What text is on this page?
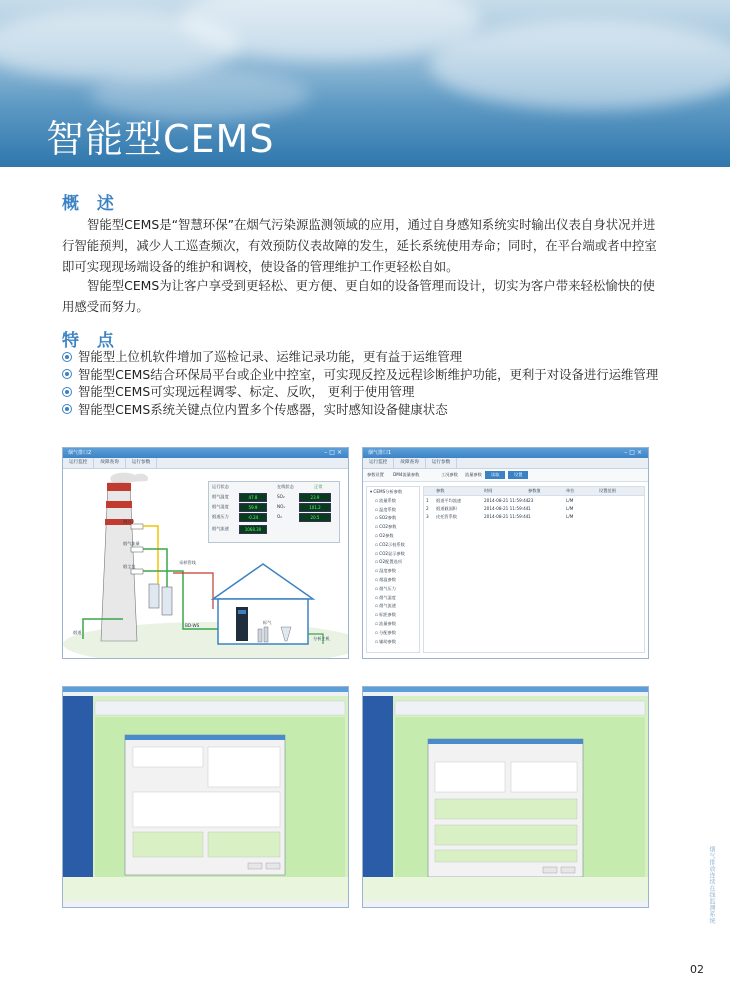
智能型CEMS
概 述

智能型CEMS是“智慧环保”在烟气污染源监测领域的应用，通过自身感知系统实时输出仪表自身状况并进行智能预判，减少人工巡查频次，有效预防仪表故障的发生，延长系统使用寿命；同时，在平台端或者中控室即可实现现场端设备的维护和调校，使设备的管理维护工作更轻松自如。

智能型CEMS为让客户享受到更轻松、更方便、更自如的设备管理而设计，切实为客户带来轻松愉快的使用感受而努力。

特 点
智能型上位机软件增加了巡检记录、运维记录功能，更有益于运维管理
智能型CEMS结合环保局平台或企业中控室，可实现反控及远程诊断维护功能，更利于对设备进行运维管理
智能型CEMS可实现远程调零、标定、反吹， 更利于使用管理
智能型CEMS系统关键点位内置多个传感器，实时感知设备健康状态
烟气排口2	–□×
运行监控	故障查询	运行参数
测点3
烟气流量
烟尘仪
采样管线
烟道
BD-WS
标气
分析主机
运行状态	在线状态	正常
烟气温度	47.8	SO₂	23.9
烟气湿度	59.9	NOₓ	101.2
烟道压力	-0.24	O₂	20.5
烟气流速	1068.30
烟气排口1	–□×
运行监控	故障查询	运行参数
参数设置 DM4流量参数	工况参数 流量参数	读取	设置
▾ CEMS分析参数
▫ 流量系数
▫ 温度系数
▫ SO2参数
▫ CO2参数
▫ O2参数
▫ CO2示校系数
▫ CO2显示参数
▫ O2配置选项
▫ 湿度参数
▫ 烟温参数
▫ 烟气压力
▫ 烟气湿度
▫ 烟气流速
▫ 标距参数
▫ 流量参数
▫ 分配参数
▫ 辅助参数
参数	时间	参数值	单位	设置范围
1 烟道平均流速	2014-08-21 11:59:44 23	L/M
2 烟道截面积	2014-08-21 11:59:44 1	L/M
3 皮托管系数	2014-08-21 11:59:44 1	L/M
烟气排放连续在线监测系统
02
